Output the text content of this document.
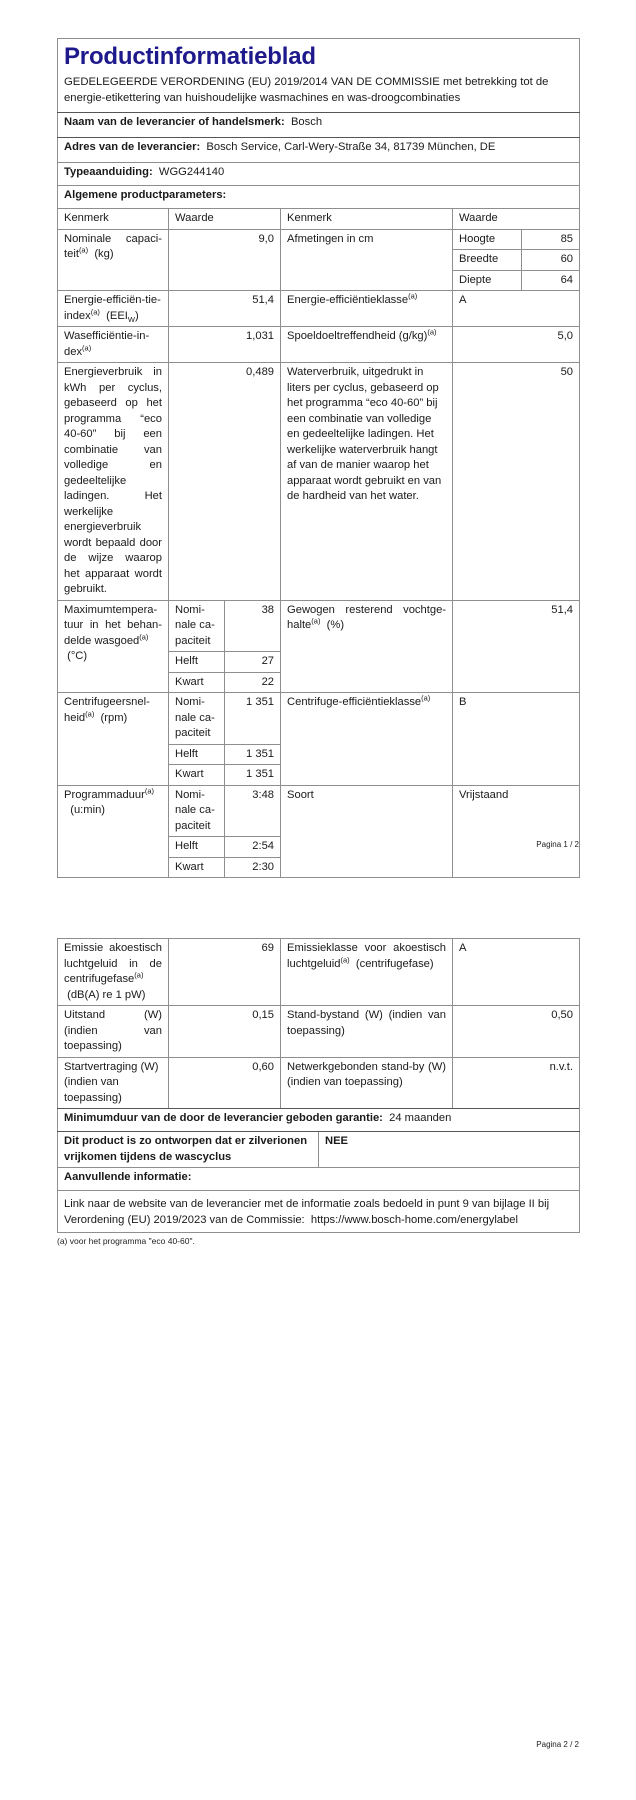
Productinformatieblad
GEDELEGEERDE VERORDENING (EU) 2019/2014 VAN DE COMMISSIE met betrekking tot de energie-etikettering van huishoudelijke wasmachines en was-droogcombinaties

Naam van de leverancier of handelsmerk: Bosch
Adres van de leverancier: Bosch Service, Carl-Wery-Straße 34, 81739 München, DE
Typeaanduiding: WGG244140
Algemene productparameters:
Kenmerk	Waarde		Kenmerk	Waarde	
Nominale capaci-teit$^{(a)}$ (kg)	9,0		Afmetingen in cm	Hoogte	85
				Breedte	60
				Diepte	64
Energie-efficiën-tie-index$^{(a)}$ $(EEI_W)$	51,4		Energie-efficiëntieklasse$^{(a)}$	A	
Wasefficiëntie-in-dex$^{(a)}$	1,031		Spoeldoeltreffendheid $(g/kg)^{(a)}$	5,0	
Energieverbruik in kWh per cyclus, gebaseerd op het programma “eco 40-60” bij een combinatie van volledige en gedeeltelijke ladingen. Het werkelijke energieverbruik wordt bepaald door de wijze waarop het apparaat wordt gebruikt.	0,489	Waterverbruik, uitgedrukt in liters per cyclus, gebaseerd op het programma “eco 40-60” bij een combinatie van volledige en gedeeltelijke ladingen. Het werkelijke waterverbruik hangt af van de manier waarop het apparaat wordt gebruikt en van de hardheid van het water.	50
Maximumtempera-tuur in het behan-delde wasgoed$^{(a)}$
(°C)	Nomi-nale ca-paciteit	38	Gewogen resterend vochtge-halte$^{(a)}$ (%)	51,4	
	Helft	27			
	Kwart	22			
Centrifugeersnel-heid$^{(a)}$ (rpm)	Nomi-nale ca-paciteit	1 351	Centrifuge-efficiëntieklasse$^{(a)}$	B	
	Helft	1 351			
	Kwart	1 351			
Programmaduur$^{(a)}$
(u:min)	Nomi-nale ca-paciteit	3:48	Soort	Vrijstaand	
	Helft	2:54			
	Kwart	2:30			
Pagina 1 / 2
Emissie akoestisch luchtgeluid in de centrifugefase$^{(a)}$
(dB(A) re 1 pW)	69	Emissieklasse voor akoestisch luchtgeluid$^{(a)}$ (centrifugefase)	A
Uitstand (W) (indien van toepassing)	0,15	Stand-bystand (W) (indien van toepassing)	0,50
Startvertraging (W) (indien van toepassing)	0,60	Netwerkgebonden stand-by (W) (indien van toepassing)	n.v.t.
Minimumduur van de door de leverancier geboden garantie: 24 maanden
Dit product is zo ontworpen dat er zilverionen vrijkomen tijdens de wascyclus	NEE
Aanvullende informatie:
Link naar de website van de leverancier met de informatie zoals bedoeld in punt 9 van bijlage II bij Verordening (EU) 2019/2023 van de Commissie: https://www.bosch-home.com/energylabel
(a) voor het programma "eco 40-60".
Pagina 2 / 2
